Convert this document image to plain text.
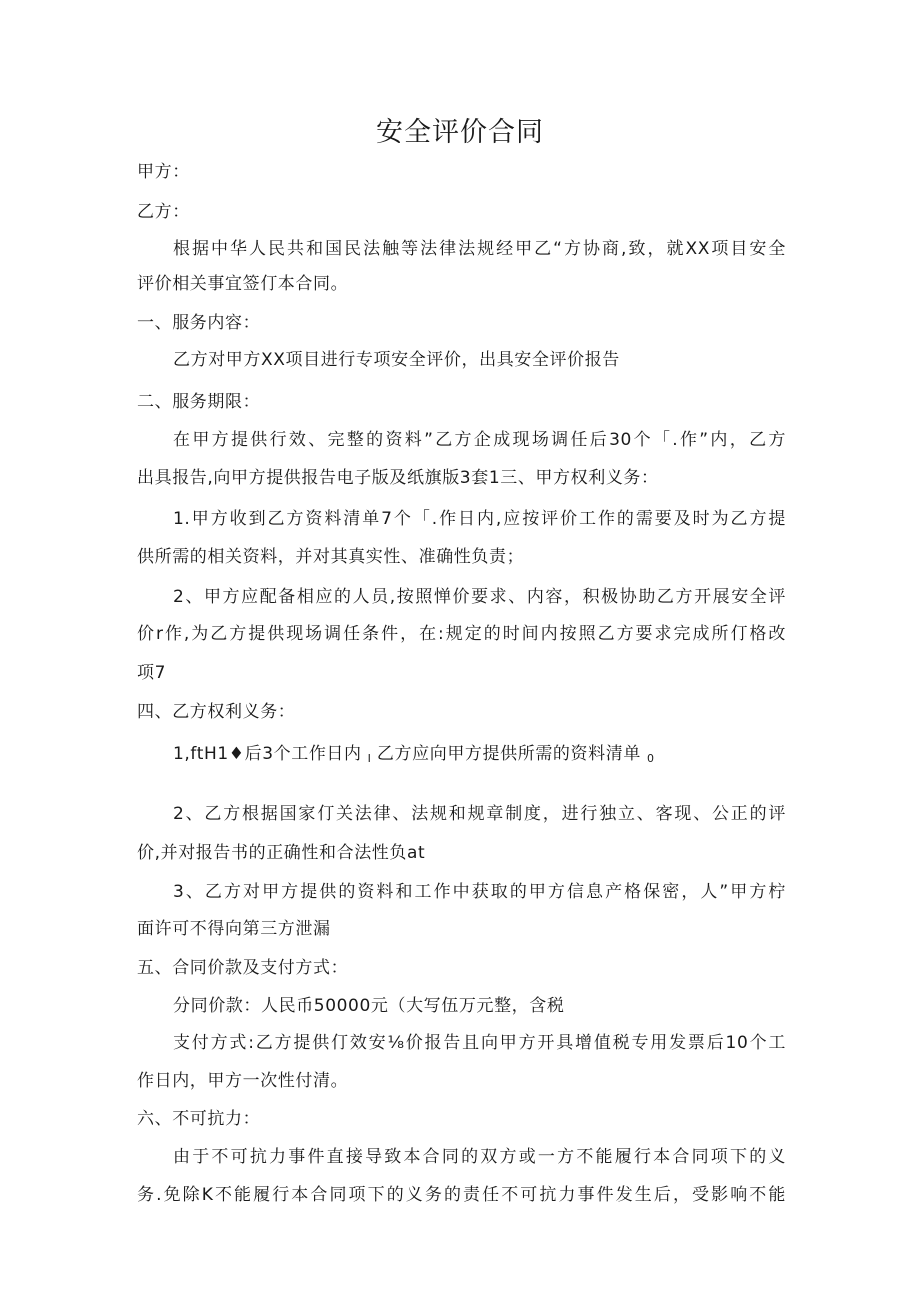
安全评价合同
甲方：
乙方：
根据中华人民共和国民法触等法律法规经甲乙“方协商,致，就XX项目安全
评价相关事宜签仃本合同。
一、服务内容：
乙方对甲方XX项目进行专项安全评价，出具安全评价报告
二、服务期限：
在甲方提供行效、完整的资料”乙方企成现场调任后30个「.作”内，乙方
出具报告,向甲方提供报告电子版及纸旗版3套1三、甲方权利义务：
1.甲方收到乙方资料清单7个「.作日内,应按评价工作的需要及时为乙方提
供所需的相关资料，并对其真实性、准确性负责；
2、甲方应配备相应的人员,按照惮价要求、内容，积极协助乙方开展安全评
价r作,为乙方提供现场调任条件，在:规定的时间内按照乙方要求完成所仃格改
项7
四、乙方权利义务：
1,ftH1♦后3个工作日内 I 乙方应向甲方提供所需的资料清单 0
2、乙方根据国家仃关法律、法规和规章制度，进行独立、客现、公正的评
价,并对报告书的正确性和合法性负at
3、乙方对甲方提供的资料和工作中获取的甲方信息产格保密，人”甲方柠
面许可不得向第三方泄漏
五、合同价款及支付方式：
分同价款：人民币50000元（大写伍万元整，含税
支付方式:乙方提供仃效安⅛价报告且向甲方开具增值税专用发票后10个工
作日内，甲方一次性付清。
六、不可抗力：
由于不可抗力事件直接导致本合同的双方或一方不能履行本合同项下的义
务.免除K不能履行本合同项下的义务的责任不可抗力事件发生后，受影响不能
